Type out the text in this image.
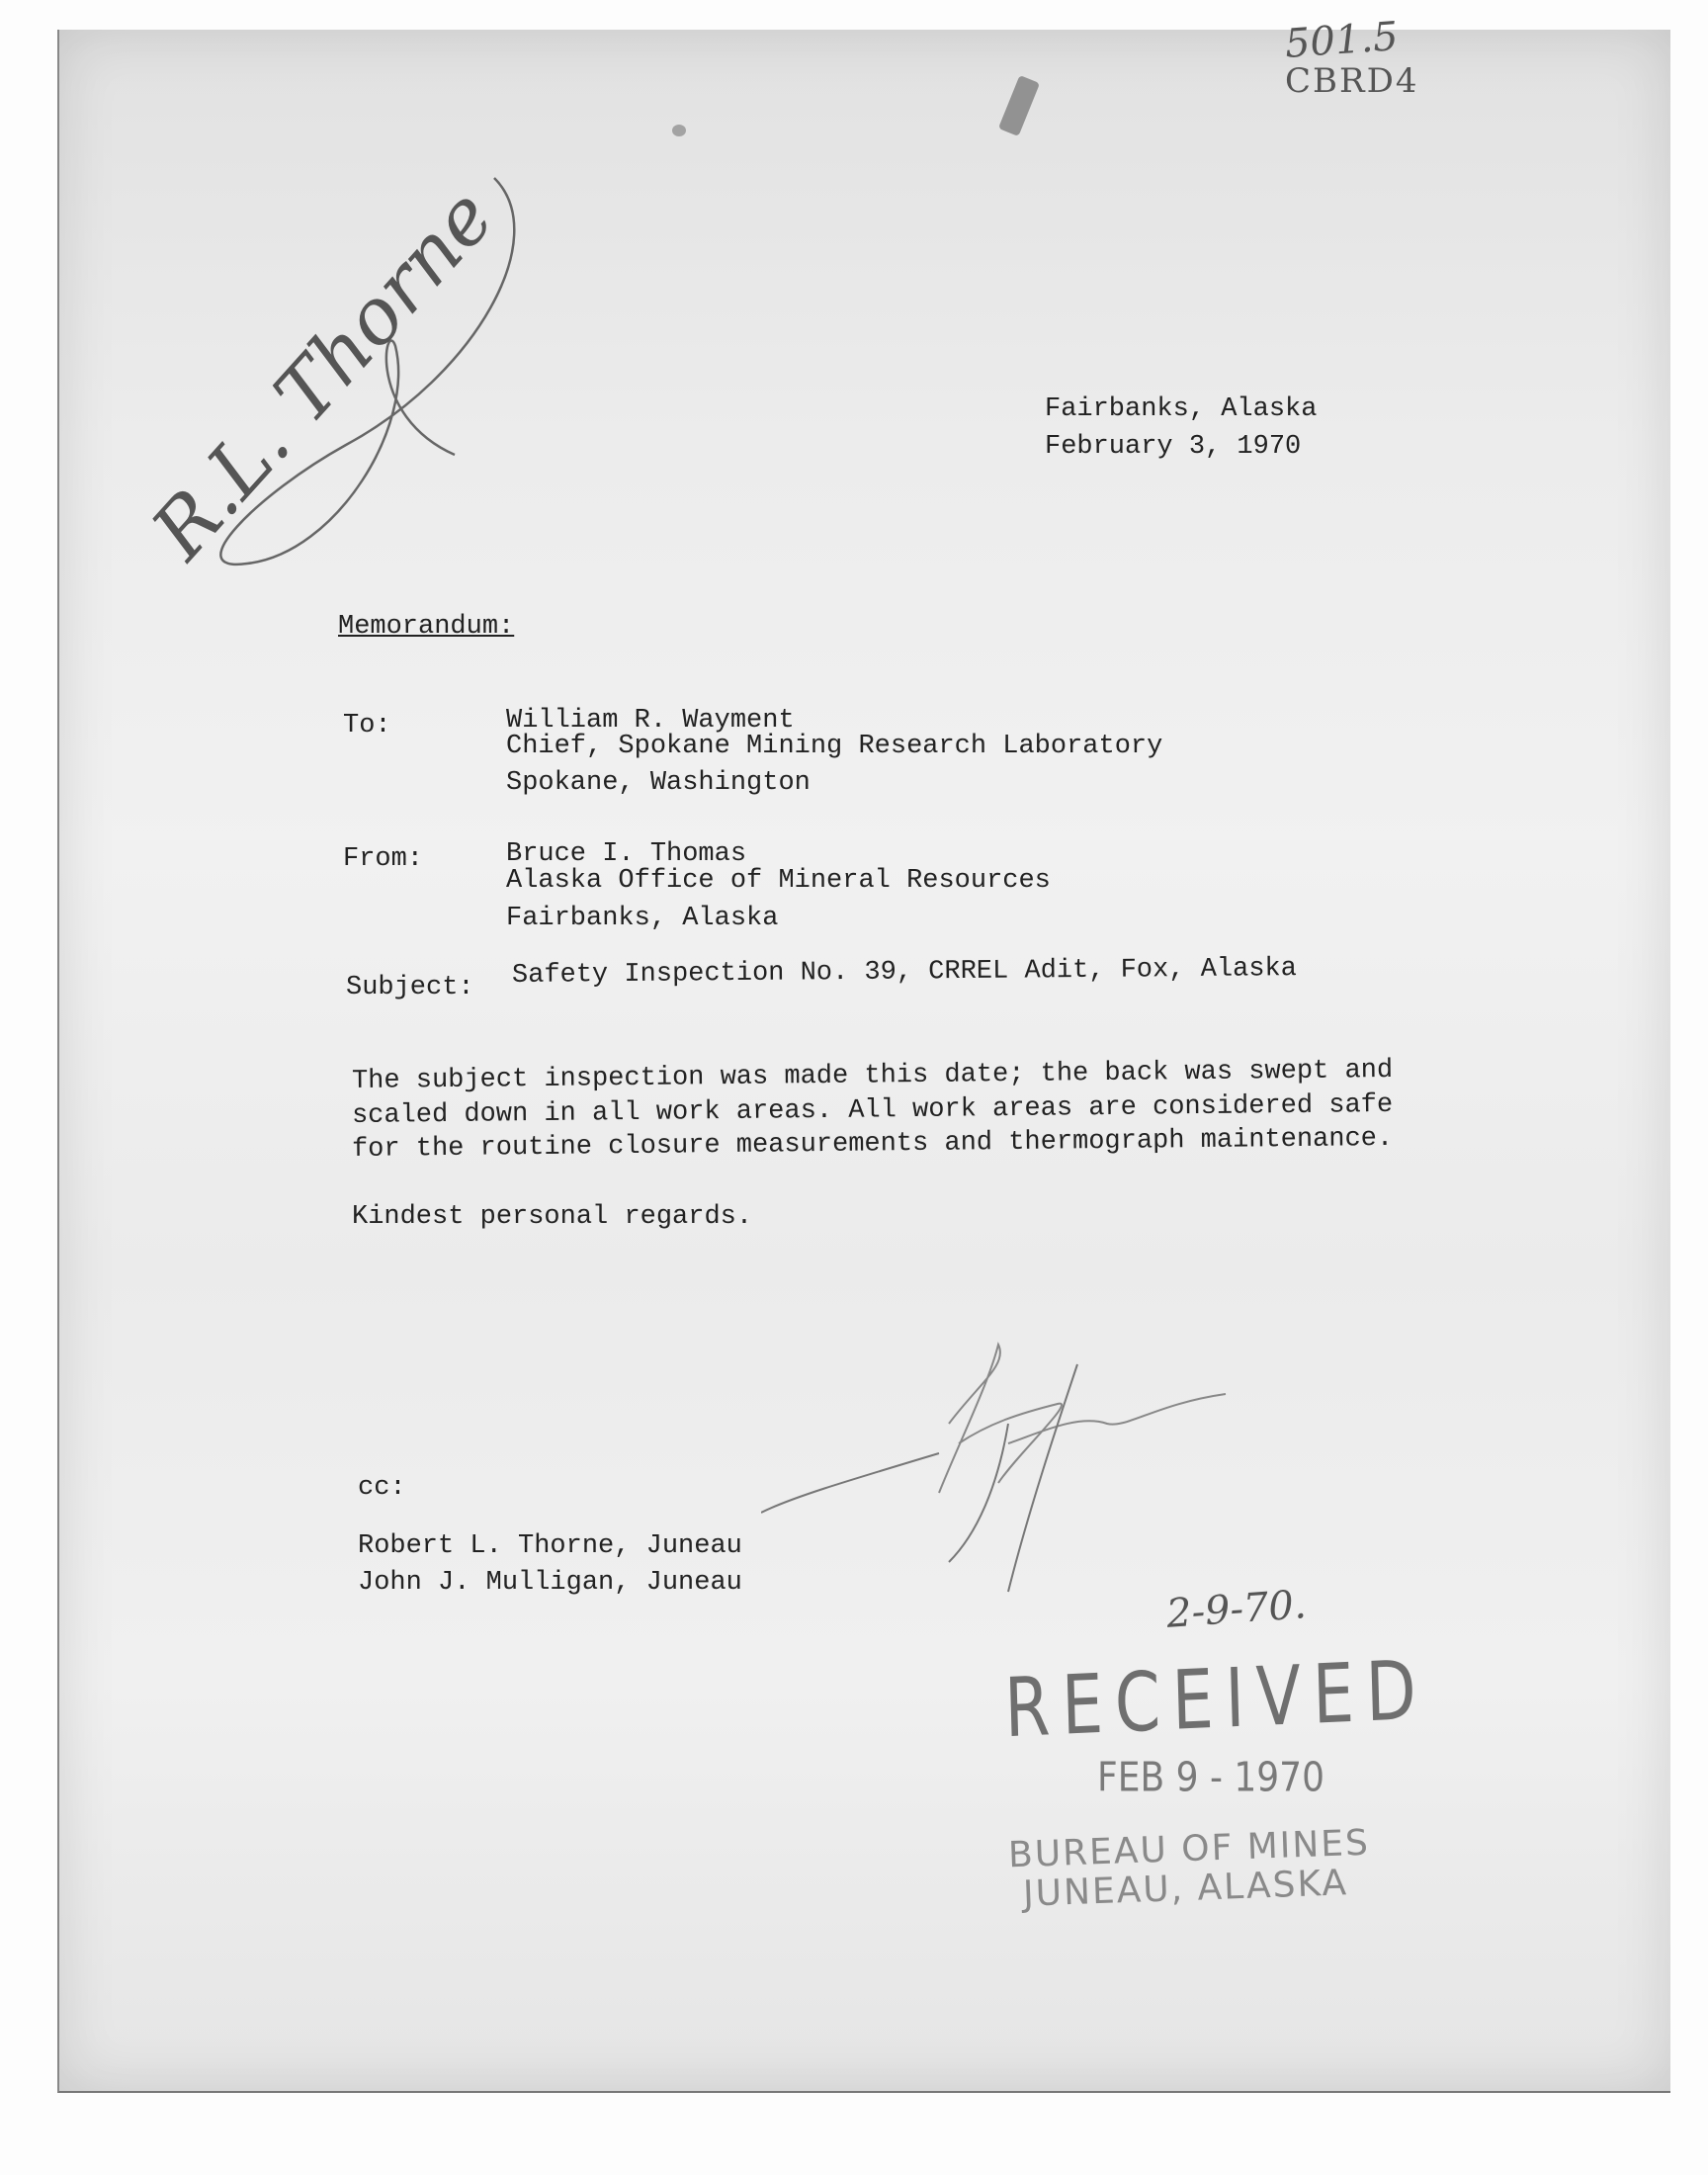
501.5
CBRD4
R.L. Thorne	Fairbanks, Alaska
February 3, 1970
Memorandum:
To:	William R. Wayment
Chief, Spokane Mining Research Laboratory
Spokane, Washington
From:	Bruce I. Thomas
Alaska Office of Mineral Resources
Fairbanks, Alaska
Subject: Safety Inspection No. 39, CRREL Adit, Fox, Alaska
The subject inspection was made this date; the back was swept and
scaled down in all work areas. All work areas are considered safe
for the routine closure measurements and thermograph maintenance.
Kindest personal regards.
cc:
Robert L. Thorne, Juneau
John J. Mulligan, Juneau	2-9-70.
RECEIVED
FEB 9 - 1970
BUREAU OF MINES
JUNEAU, ALASKA
